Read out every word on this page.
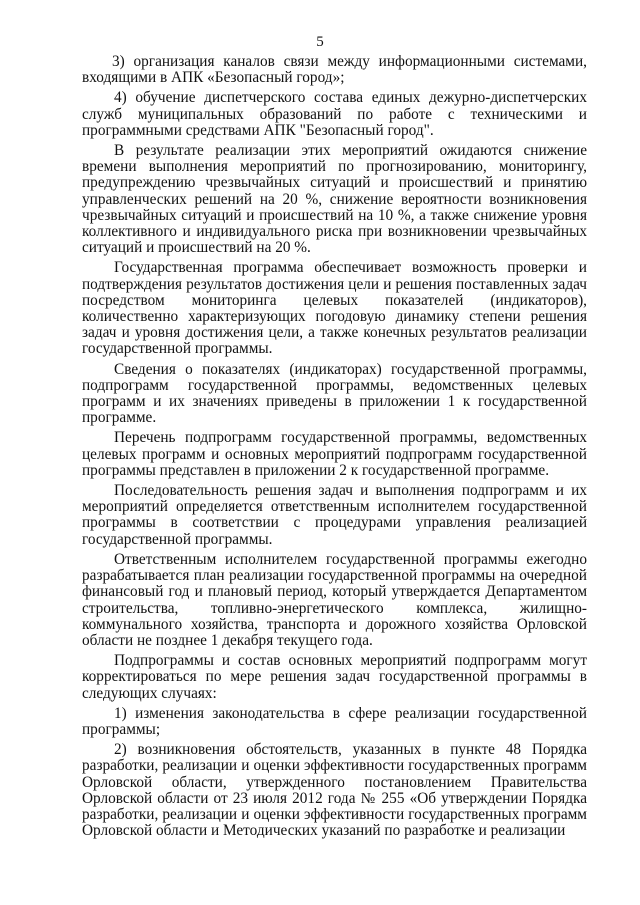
5

3) организация каналов связи между информационными системами, входящими в АПК «Безопасный город»;

4) обучение диспетчерского состава единых дежурно-диспетчерских служб муниципальных образований по работе с техническими и программными средствами АПК "Безопасный город".

В результате реализации этих мероприятий ожидаются снижение времени выполнения мероприятий по прогнозированию, мониторингу, предупреждению чрезвычайных ситуаций и происшествий и принятию управленческих решений на 20 %, снижение вероятности возникновения чрезвычайных ситуаций и происшествий на 10 %, а также снижение уровня коллективного и индивидуального риска при возникновении чрезвычайных ситуаций и происшествий на 20 %.

Государственная программа обеспечивает возможность проверки и подтверждения результатов достижения цели и решения поставленных задач посредством мониторинга целевых показателей (индикаторов), количественно характеризующих погодовую динамику степени решения задач и уровня достижения цели, а также конечных результатов реализации государственной программы.

Сведения о показателях (индикаторах) государственной программы, подпрограмм государственной программы, ведомственных целевых программ и их значениях приведены в приложении 1 к государственной программе.

Перечень подпрограмм государственной программы, ведомственных целевых программ и основных мероприятий подпрограмм государственной программы представлен в приложении 2 к государственной программе.

Последовательность решения задач и выполнения подпрограмм и их мероприятий определяется ответственным исполнителем государственной программы в соответствии с процедурами управления реализацией государственной программы.

Ответственным исполнителем государственной программы ежегодно разрабатывается план реализации государственной программы на очередной финансовый год и плановый период, который утверждается Департаментом строительства, топливно-энергетического комплекса, жилищно-коммунального хозяйства, транспорта и дорожного хозяйства Орловской области не позднее 1 декабря текущего года.

Подпрограммы и состав основных мероприятий подпрограмм могут корректироваться по мере решения задач государственной программы в следующих случаях:

1) изменения законодательства в сфере реализации государственной программы;

2) возникновения обстоятельств, указанных в пункте 48 Порядка разработки, реализации и оценки эффективности государственных программ Орловской области, утвержденного постановлением Правительства Орловской области от 23 июля 2012 года № 255 «Об утверждении Порядка разработки, реализации и оценки эффективности государственных программ Орловской области и Методических указаний по разработке и реализации
